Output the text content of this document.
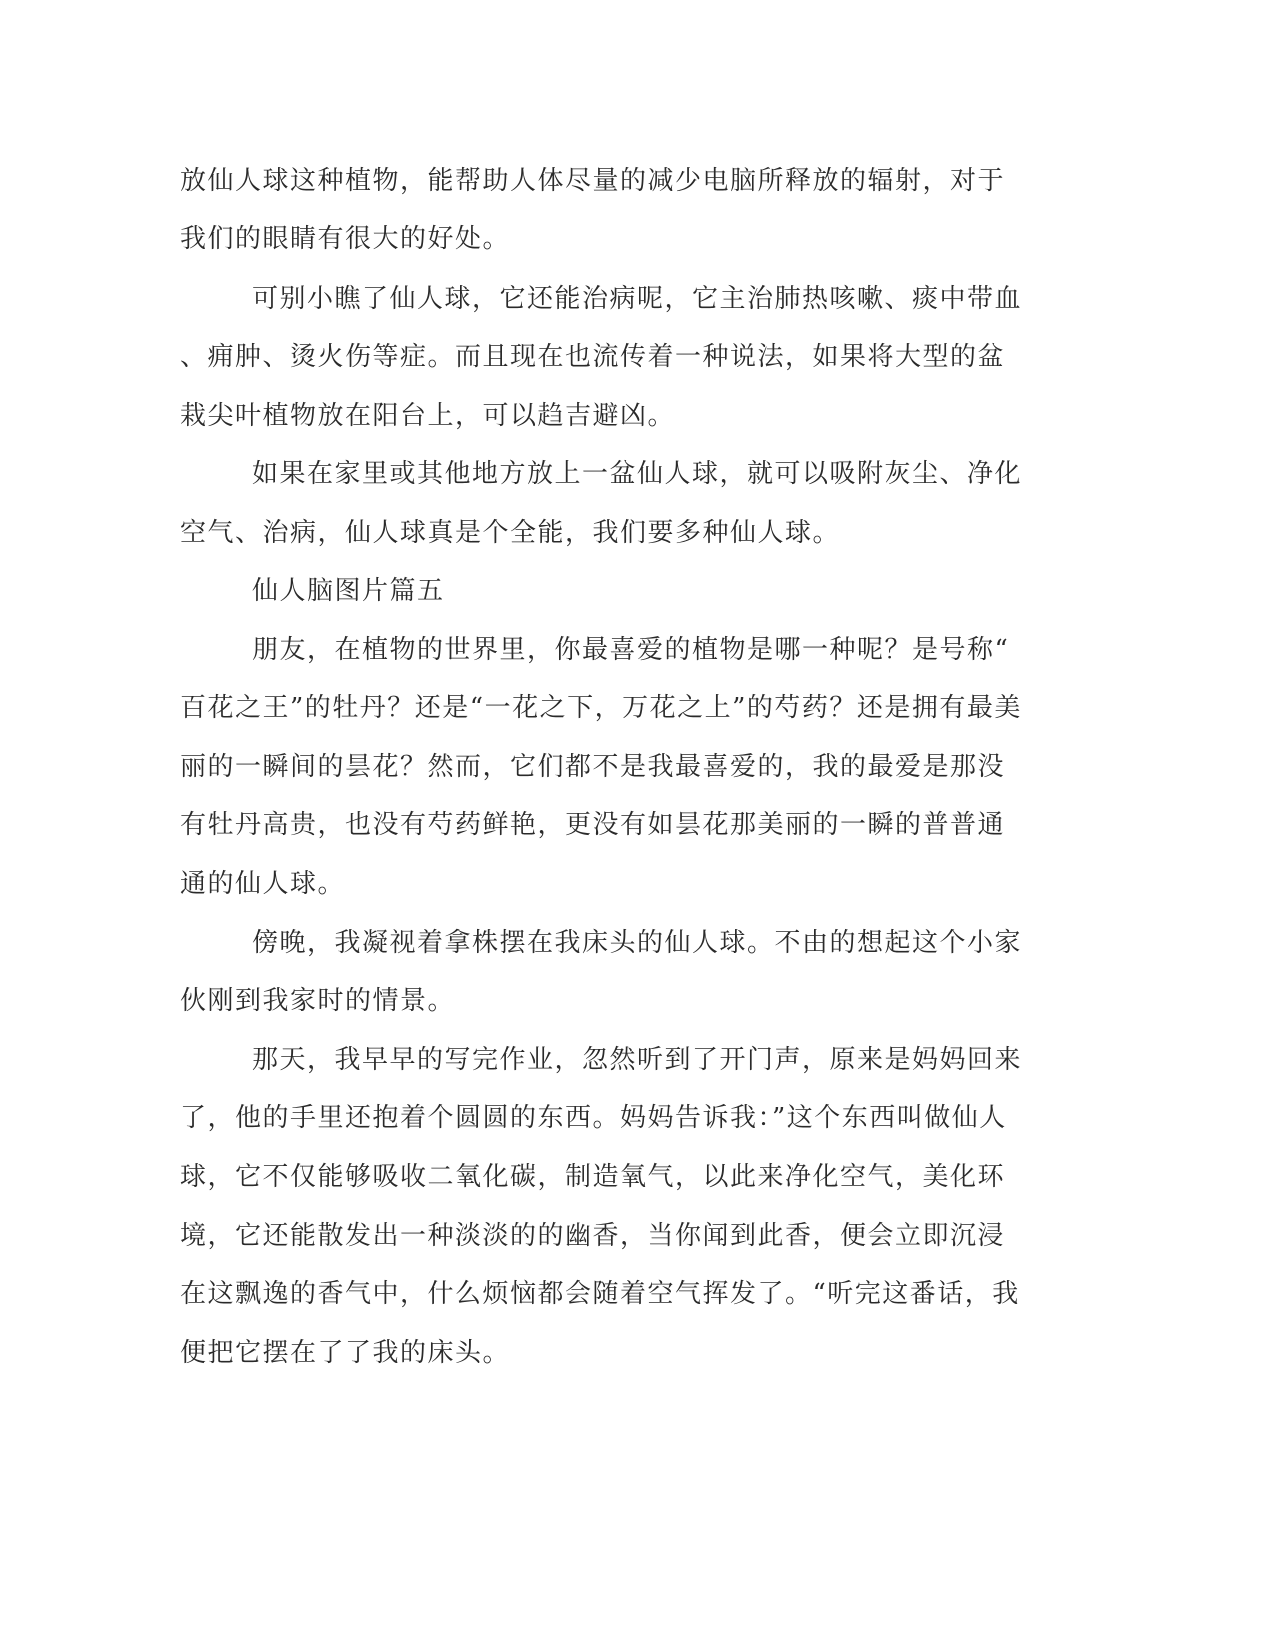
放仙人球这种植物，能帮助人体尽量的减少电脑所释放的辐射，对于
我们的眼睛有很大的好处。
可别小瞧了仙人球，它还能治病呢，它主治肺热咳嗽、痰中带血
、痈肿、烫火伤等症。而且现在也流传着一种说法，如果将大型的盆
栽尖叶植物放在阳台上，可以趋吉避凶。
如果在家里或其他地方放上一盆仙人球，就可以吸附灰尘、净化
空气、治病，仙人球真是个全能，我们要多种仙人球。
仙人脑图片篇五
朋友，在植物的世界里，你最喜爱的植物是哪一种呢？是号称“
百花之王”的牡丹？还是“一花之下，万花之上”的芍药？还是拥有最美
丽的一瞬间的昙花？然而，它们都不是我最喜爱的，我的最爱是那没
有牡丹高贵，也没有芍药鲜艳，更没有如昙花那美丽的一瞬的普普通
通的仙人球。
傍晚，我凝视着拿株摆在我床头的仙人球。不由的想起这个小家
伙刚到我家时的情景。
那天，我早早的写完作业，忽然听到了开门声，原来是妈妈回来
了，他的手里还抱着个圆圆的东西。妈妈告诉我：”这个东西叫做仙人
球，它不仅能够吸收二氧化碳，制造氧气，以此来净化空气，美化环
境，它还能散发出一种淡淡的的幽香，当你闻到此香，便会立即沉浸
在这飘逸的香气中，什么烦恼都会随着空气挥发了。“听完这番话，我
便把它摆在了了我的床头。
